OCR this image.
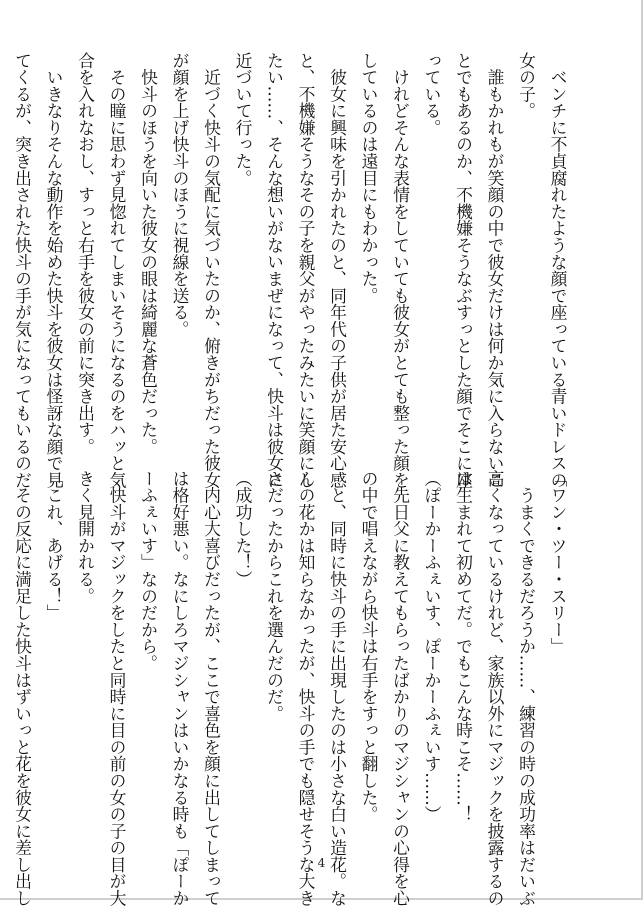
　ベンチに不貞腐れたような顔で座っている青いドレスの

女の子。

　誰もかれもが笑顔の中で彼女だけは何か気に入らないこ

とでもあるのか、不機嫌そうなぶすっとした顔でそこに座

っている。

　けれどそんな表情をしていても彼女がとても整った顔を

しているのは遠目にもわかった。

　彼女に興味を引かれたのと、同年代の子供が居た安心感

と、不機嫌そうなその子を親父がやったみたいに笑顔にし

たい……、そんな想いがないまぜになって、快斗は彼女に

近づいて行った。

　近づく快斗の気配に気づいたのか、俯きがちだった彼女

が顔を上げ快斗のほうに視線を送る。

　快斗のほうを向いた彼女の眼は綺麗な蒼色だった。

　その瞳に思わず見惚れてしまいそうになるのをハッと気

合を入れなおし、すっと右手を彼女の前に突き出す。

　いきなりそんな動作を始めた快斗を彼女は怪訝な顔で見

てくるが、突き出された快斗の手が気になってもいるのだ

「ワン・ツー・スリー」

　うまくできるだろうか……、練習の時の成功率はだいぶ

高くなっているけれど、家族以外にマジックを披露するの

は生まれて初めてだ。でもこんな時こそ……！

（ぽーかーふぇいす、ぽーかーふぇいす……）

　先日父に教えてもらったばかりのマジシャンの心得を心

の中で唱えながら快斗は右手をすっと翻した。

　と、同時に快斗の手に出現したのは小さな白い造花。な

んの花かは知らなかったが、快斗の手でも隠せそうな大き

さだったからこれを選んだのだ。

（成功した！）

　内心大喜びだったが、ここで喜色を顔に出してしまって

は格好悪い。なにしろマジシャンはいかなる時も「ぽーか

ーふぇいす」なのだから。

　快斗がマジックをしたと同時に目の前の女の子の目が大

きく見開かれる。

「これ、あげる！」

　その反応に満足した快斗はずいっと花を彼女に差し出し	4
